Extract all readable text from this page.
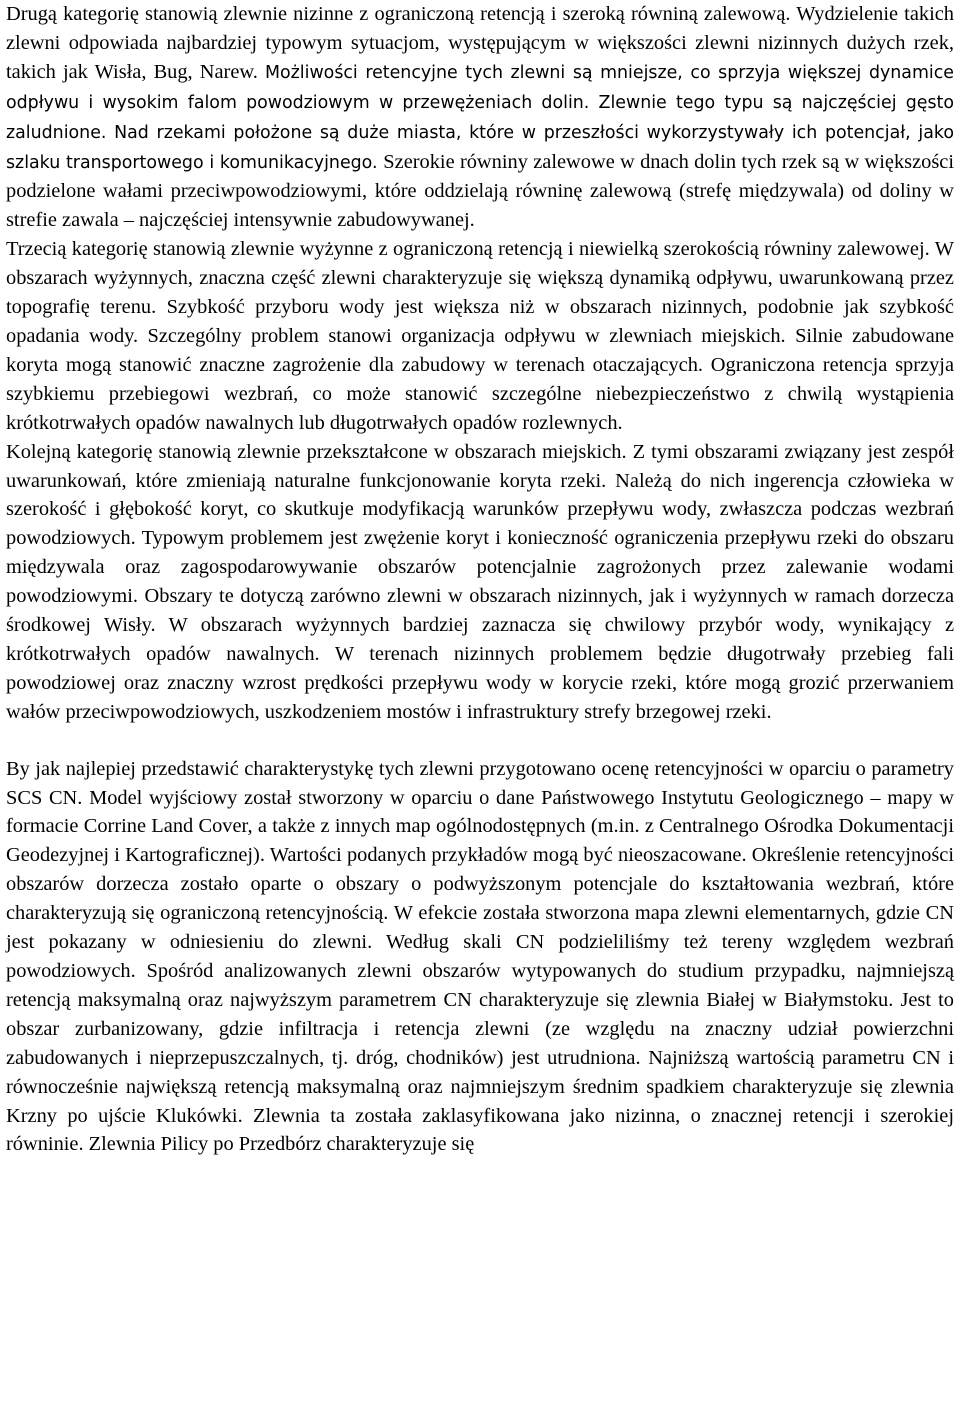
Drugą kategorię stanowią zlewnie nizinne z ograniczoną retencją i szeroką równiną zalewową. Wydzielenie takich zlewni odpowiada najbardziej typowym sytuacjom, występującym w większości zlewni nizinnych dużych rzek, takich jak Wisła, Bug, Narew. Możliwości retencyjne tych zlewni są mniejsze, co sprzyja większej dynamice odpływu i wysokim falom powodziowym w przewężeniach dolin. Zlewnie tego typu są najczęściej gęsto zaludnione. Nad rzekami położone są duże miasta, które w przeszłości wykorzystywały ich potencjał, jako szlaku transportowego i komunikacyjnego. Szerokie równiny zalewowe w dnach dolin tych rzek są w większości podzielone wałami przeciwpowodziowymi, które oddzielają równinę zalewową (strefę międzywala) od doliny w strefie zawala – najczęściej intensywnie zabudowywanej.

Trzecią kategorię stanowią zlewnie wyżynne z ograniczoną retencją i niewielką szerokością równiny zalewowej. W obszarach wyżynnych, znaczna część zlewni charakteryzuje się większą dynamiką odpływu, uwarunkowaną przez topografię terenu. Szybkość przyboru wody jest większa niż w obszarach nizinnych, podobnie jak szybkość opadania wody. Szczególny problem stanowi organizacja odpływu w zlewniach miejskich. Silnie zabudowane koryta mogą stanowić znaczne zagrożenie dla zabudowy w terenach otaczających. Ograniczona retencja sprzyja szybkiemu przebiegowi wezbrań, co może stanowić szczególne niebezpieczeństwo z chwilą wystąpienia krótkotrwałych opadów nawalnych lub długotrwałych opadów rozlewnych.

Kolejną kategorię stanowią zlewnie przekształcone w obszarach miejskich. Z tymi obszarami związany jest zespół uwarunkowań, które zmieniają naturalne funkcjonowanie koryta rzeki. Należą do nich ingerencja człowieka w szerokość i głębokość koryt, co skutkuje modyfikacją warunków przepływu wody, zwłaszcza podczas wezbrań powodziowych. Typowym problemem jest zwężenie koryt i konieczność ograniczenia przepływu rzeki do obszaru międzywala oraz zagospodarowywanie obszarów potencjalnie zagrożonych przez zalewanie wodami powodziowymi. Obszary te dotyczą zarówno zlewni w obszarach nizinnych, jak i wyżynnych w ramach dorzecza środkowej Wisły. W obszarach wyżynnych bardziej zaznacza się chwilowy przybór wody, wynikający z krótkotrwałych opadów nawalnych. W terenach nizinnych problemem będzie długotrwały przebieg fali powodziowej oraz znaczny wzrost prędkości przepływu wody w korycie rzeki, które mogą grozić przerwaniem wałów przeciwpowodziowych, uszkodzeniem mostów i infrastruktury strefy brzegowej rzeki.

By jak najlepiej przedstawić charakterystykę tych zlewni przygotowano ocenę retencyjności w oparciu o parametry SCS CN. Model wyjściowy został stworzony w oparciu o dane Państwowego Instytutu Geologicznego – mapy w formacie Corrine Land Cover, a także z innych map ogólnodostępnych (m.in. z Centralnego Ośrodka Dokumentacji Geodezyjnej i Kartograficznej). Wartości podanych przykładów mogą być nieoszacowane. Określenie retencyjności obszarów dorzecza zostało oparte o obszary o podwyższonym potencjale do kształtowania wezbrań, które charakteryzują się ograniczoną retencyjnością. W efekcie została stworzona mapa zlewni elementarnych, gdzie CN jest pokazany w odniesieniu do zlewni. Według skali CN podzieliliśmy też tereny względem wezbrań powodziowych. Spośród analizowanych zlewni obszarów wytypowanych do studium przypadku, najmniejszą retencją maksymalną oraz najwyższym parametrem CN charakteryzuje się zlewnia Białej w Białymstoku. Jest to obszar zurbanizowany, gdzie infiltracja i retencja zlewni (ze względu na znaczny udział powierzchni zabudowanych i nieprzepuszczalnych, tj. dróg, chodników) jest utrudniona. Najniższą wartością parametru CN i równocześnie największą retencją maksymalną oraz najmniejszym średnim spadkiem charakteryzuje się zlewnia Krzny po ujście Klukówki. Zlewnia ta została zaklasyfikowana jako nizinna, o znacznej retencji i szerokiej równinie. Zlewnia Pilicy po Przedbórz charakteryzuje się
